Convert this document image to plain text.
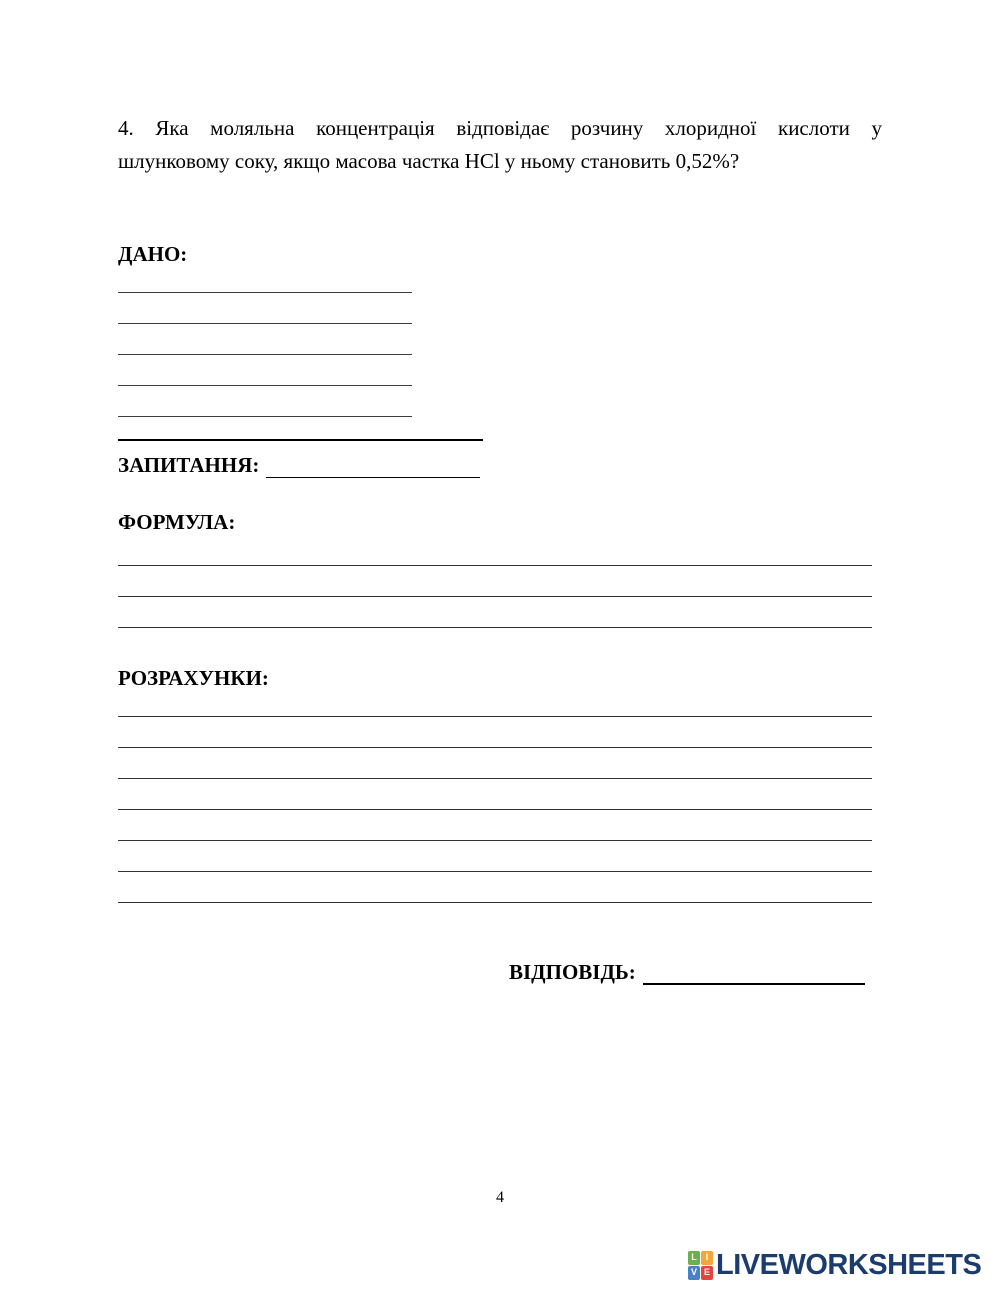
4. Яка моляльна концентрація відповідає розчину хлоридної кислоти у
шлунковому соку, якщо масова частка HCl у ньому становить 0,52%?
ДАНО:
ЗАПИТАННЯ:
ФОРМУЛА:
РОЗРАХУНКИ:
ВІДПОВІДЬ:
4
L I
V E LIVEWORKSHEETS
